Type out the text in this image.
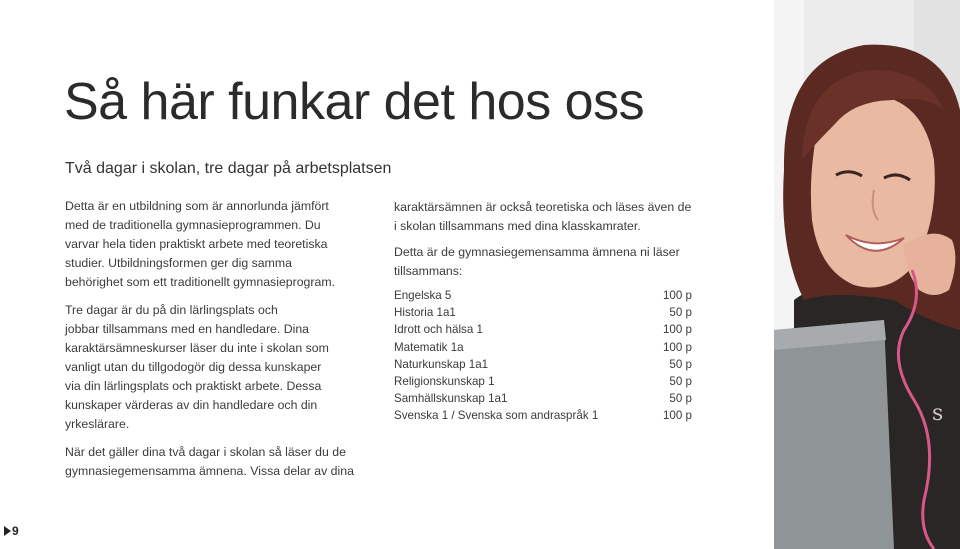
Så här funkar det hos oss
Två dagar i skolan, tre dagar på arbetsplatsen
Detta är en utbildning som är annorlunda jämfört
med de traditionella gymnasieprogrammen. Du
varvar hela tiden praktiskt arbete med teoretiska
studier. Utbildningsformen ger dig samma
behörighet som ett traditionellt gymnasieprogram.
Tre dagar är du på din lärlingsplats och
jobbar tillsammans med en handledare. Dina
karaktärsämneskurser läser du inte i skolan som
vanligt utan du tillgodogör dig dessa kunskaper
via din lärlingsplats och praktiskt arbete. Dessa
kunskaper värderas av din handledare och din
yrkeslärare.
När det gäller dina två dagar i skolan så läser du de
gymnasiegemensamma ämnena. Vissa delar av dina
karaktärsämnen är också teoretiska och läses även de
i skolan tillsammans med dina klasskamrater.
Detta är de gymnasiegemensamma ämnena ni läser
tillsammans:
Engelska 5	100 p
Historia 1a1	50 p
Idrott och hälsa 1	100 p
Matematik 1a	100 p
Naturkunskap 1a1	50 p
Religionskunskap 1	50 p
Samhällskunskap 1a1	50 p
Svenska 1 / Svenska som andraspråk 1	100 p
9
s
